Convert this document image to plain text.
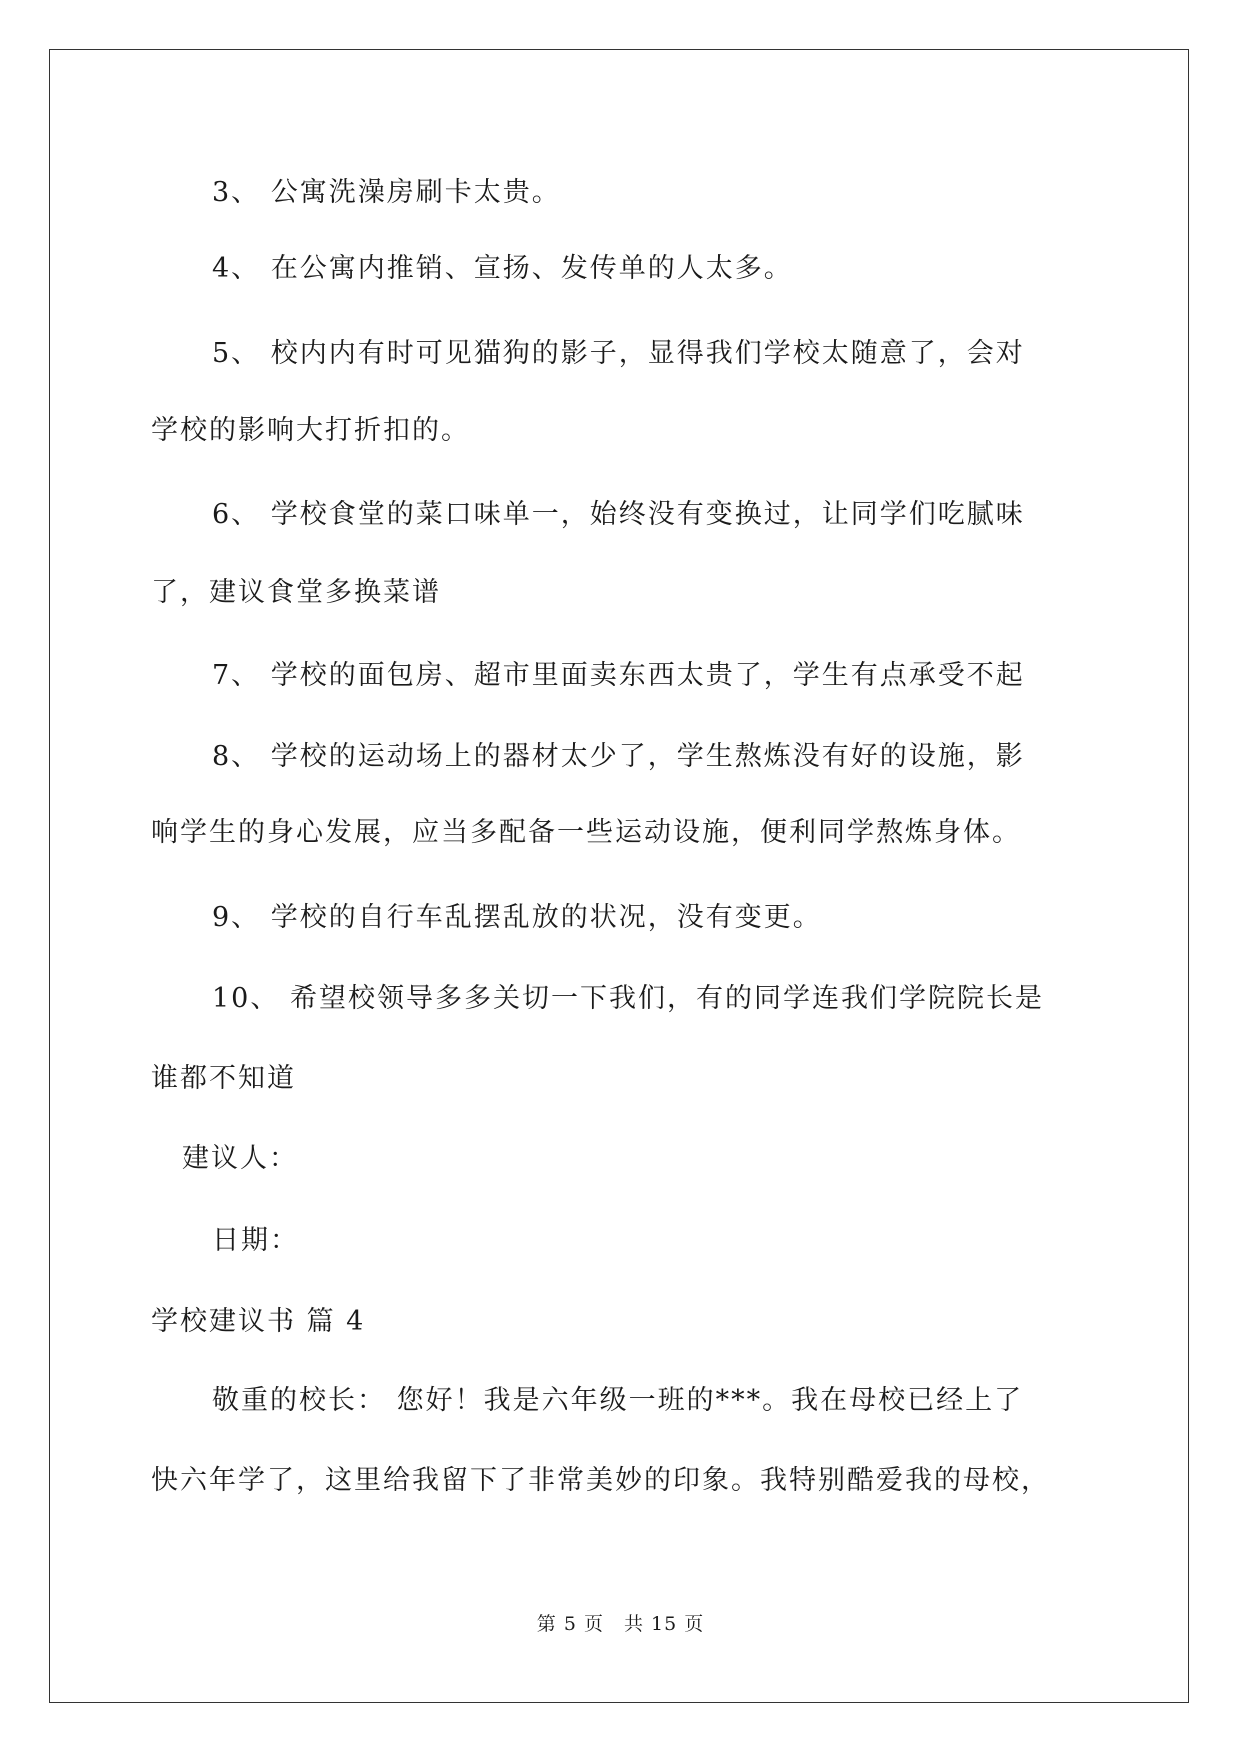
3、 公寓洗澡房刷卡太贵。
4、 在公寓内推销、宣扬、发传单的人太多。
5、 校内内有时可见猫狗的影子，显得我们学校太随意了，会对
学校的影响大打折扣的。
6、 学校食堂的菜口味单一，始终没有变换过，让同学们吃腻味
了，建议食堂多换菜谱
7、 学校的面包房、超市里面卖东西太贵了，学生有点承受不起
8、 学校的运动场上的器材太少了，学生熬炼没有好的设施，影
响学生的身心发展，应当多配备一些运动设施，便利同学熬炼身体。
9、 学校的自行车乱摆乱放的状况，没有变更。
10、 希望校领导多多关切一下我们，有的同学连我们学院院长是
谁都不知道
建议人：
日期：
学校建议书 篇 4
敬重的校长： 您好！我是六年级一班的***。我在母校已经上了
快六年学了，这里给我留下了非常美妙的印象。我特别酷爱我的母校，
第 5 页　共 15 页
